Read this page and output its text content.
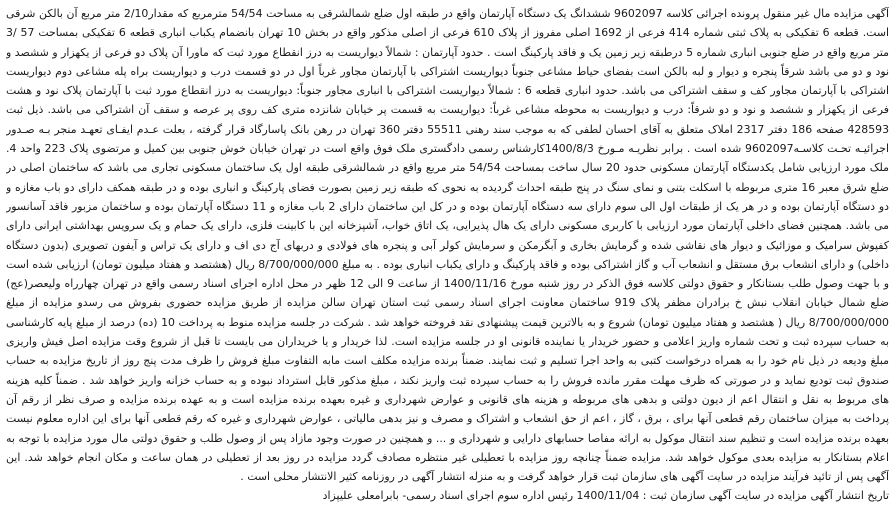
آگهی مزایده مال غیر منقول پرونده اجرائی کلاسه 9602097 ششدانگ یک دستگاه آپارتمان واقع در طبقه اول ضلع شمالشرقی به مساحت 54/54 مترمربع که مقدار2/10 متر مربع آن بالکن شرقی است. قطعه 6 تفکیکی به پلاک ثبتی شماره 414 فرعی از 1692 اصلی مفروز از پلاک 610 فرعی از اصلی مذکور واقع در بخش 10 تهران بانضمام یکباب انباری قطعه 6 تفکیکی بمساحت 57 /3 متر مربع واقع در ضلع جنوبی انباری شماره 5 درطبقه زیر زمین یک و فاقد پارکینگ است . حدود آپارتمان : شمالاً دیواریست به درز انقطاع مورد ثبت که ماورا آن پلاک دو فرعی از یکهزار و ششصد و نود و دو می باشد شرقاً پنجره و دیوار و لبه بالکن است بفضای حیاط مشاعی جنوباً دیواریست اشتراکی با آپارتمان مجاور غرباً اول در دو قسمت درب و دیواریست براه پله مشاعی دوم دیواریست اشتراکی با آپارتمان مجاور کف و سقف اشتراکی می باشد. حدود انباری قطعه 6 : شمالاً دیواریست اشتراکی با انباری مجاور جنوباً: دیواریست به درز انقطاع مورد ثبت با آپارتمان پلاک نود و هشت فرعی از یکهزار و ششصد و نود و دو شرقاً: درب و دیواریست به محوطه مشاعی غرباً: دیواریست به قسمت پر خیابان شانزده متری کف روی پر عرصه و سقف آن اشتراکی می باشد. ذیل ثبت 428593 صفحه 186 دفتر 2317 املاک متعلق به آقای احسان لطفی که به موجب سند رهنی 55511 دفتر 360 تهران در رهن بانک پاسارگاد قرار گرفته ، بعلت عـدم ایفـای تعهـد منجر بـه صـدور اجرائیـه تحـت کلاسـه9602097 شده است . برابر نظریـه مـورخ 1400/8/3کارشناس رسمی دادگستری ملک فوق واقع است در تهران خیابان خوش جنوبی بین کمیل و مرتضوی پلاک 223 واحد 4. ملک مورد ارزیابی شامل یکدستگاه آپارتمان مسکونی حدود 20 سال ساخت بمساحت 54/54 متر مربع واقع در شمالشرقی طبقه اول یک ساختمان مسکونی تجاری می باشد که ساختمان اصلی در ضلع شرق معبر 16 متری مربوطه با اسکلت بتنی و نمای سنگ در پنج طبقه احداث گردیده به نحوی که طبقه زیر زمین بصورت فضای پارکینگ و انباری بوده و در طبقه همکف دارای دو باب مغازه و دو دستگاه آپارتمان بوده و در هر یک از طبقات اول الی سوم دارای سه دستگاه آپارتمان بوده و در کل این ساختمان دارای 2 باب مغازه و 11 دستگاه آپارتمان بوده و ساختمان مزبور فاقد آسانسور می باشد. همچنین فضای داخلی آپارتمان مورد ارزیابی با کاربری مسکونی دارای یک هال پذیرایی، یک اتاق خواب، آشپزخانه این با کابینت فلزی، دارای یک حمام و یک سرویس بهداشتی ایرانی دارای کفپوش سرامیک و موزائیک و دیوار های نقاشی شده و گرمایش بخاری و آبگرمکن و سرمایش کولر آبی و پنجره های فولادی و دربهای آج دی اف و دارای یک تراس و آیفون تصویری (بدون دستگاه داخلی) و دارای انشعاب برق مستقل و انشعاب آب و گاز اشتراکی بوده و فاقد پارکینگ و دارای یکباب انباری بوده . به مبلغ 8/700/000/000 ریال (هشتصد و هفتاد میلیون تومان) ارزیابی شده است و با جهت وصول طلب بستانکار و حقوق دولتی کلاسه فوق الذکر در روز شنبه مورخ 1400/11/16 از ساعت 9 الی 12 ظهر در محل اداره اجرای اسناد رسمی واقع در تهران چهارراه ولیعصر(عج) ضلع شمال خیابان انقلاب نبش خ برادران مظفر پلاک 919 ساختمان معاونت اجرای اسناد رسمی ثبت استان تهران سالن مزایده از طریق مزایده حضوری بفروش می رسدو مزایده از مبلغ 8/700/000/000 ریال ( هشتصد و هفتاد میلیون تومان) شروع و به بالاترین قیمت پیشنهادی نقد فروخته خواهد شد . شرکت در جلسه مزایده منوط به پرداخت 10 (ده) درصد از مبلغ پایه کارشناسی به حساب سپرده ثبت و تحت شماره واریز اعلامی و حضور خریدار یا نماینده قانونی او در جلسه مزایده است. لذا خریدار و یا خریداران می بایست تا قبل از شروع وقت مزایده اصل فیش واریزی مبلغ ودیعه در ذیل نام خود را به همراه درخواست کتبی به واحد اجرا تسلیم و ثبت نمایند. ضمناً برنده مزایده مکلف است مابه التفاوت مبلغ فروش را ظرف مدت پنج روز از تاریخ مزایده به حساب صندوق ثبت تودیع نماید و در صورتی که ظرف مهلت مقرر مانده فروش را به حساب سپرده ثبت واریز نکند ، مبلغ مذکور قابل استرداد نبوده و به حساب خزانه واریز خواهد شد . ضمناً کلیه هزینه های مربوط به نقل و انتقال اعم از دیون دولتی و بدهی های مربوطه و هزینه های قانونی و عوارض شهرداری و غیره بعهده برنده مزایده است و به عهده برنده مزایده و صرف نظر از رقم آن پرداخت به میزان ساختمان رقم قطعی آنها برای ، برق ، گاز ، اعم از حق انشعاب و اشتراک و مصرف و نیز بدهی مالیاتی ، عوارض شهرداری و غیره که رقم قطعی آنها برای این اداره معلوم نیست بعهده برنده مزایده است و تنظیم سند انتقال موکول به ارائه مفاصا حسابهای دارایی و شهرداری و ... و همچنین در صورت وجود مازاد پس از وصول طلب و حقوق دولتی مال مورد مزایده با توجه به اعلام بستانکار به مزایده بعدی موکول خواهد شد. مزایده ضمناً چنانچه روز مزایده با تعطیلی غیر منتظره مصادف گردد مزایده در روز بعد از تعطیلی در همان ساعت و مکان انجام خواهد شد. این آگهی پس از تائید فرآیند مزایده در سایت آگهی های سازمان ثبت قرار خواهد گرفت و به منزله انتشار آگهی در روزنامه کثیر الانتشار محلی است .

تاریخ انتشار آگهی مزایده در سایت آگهی سازمان ثبت : 1400/11/04 رئیس اداره سوم اجرای اسناد رسمی- بابرامعلی علیپزاد
